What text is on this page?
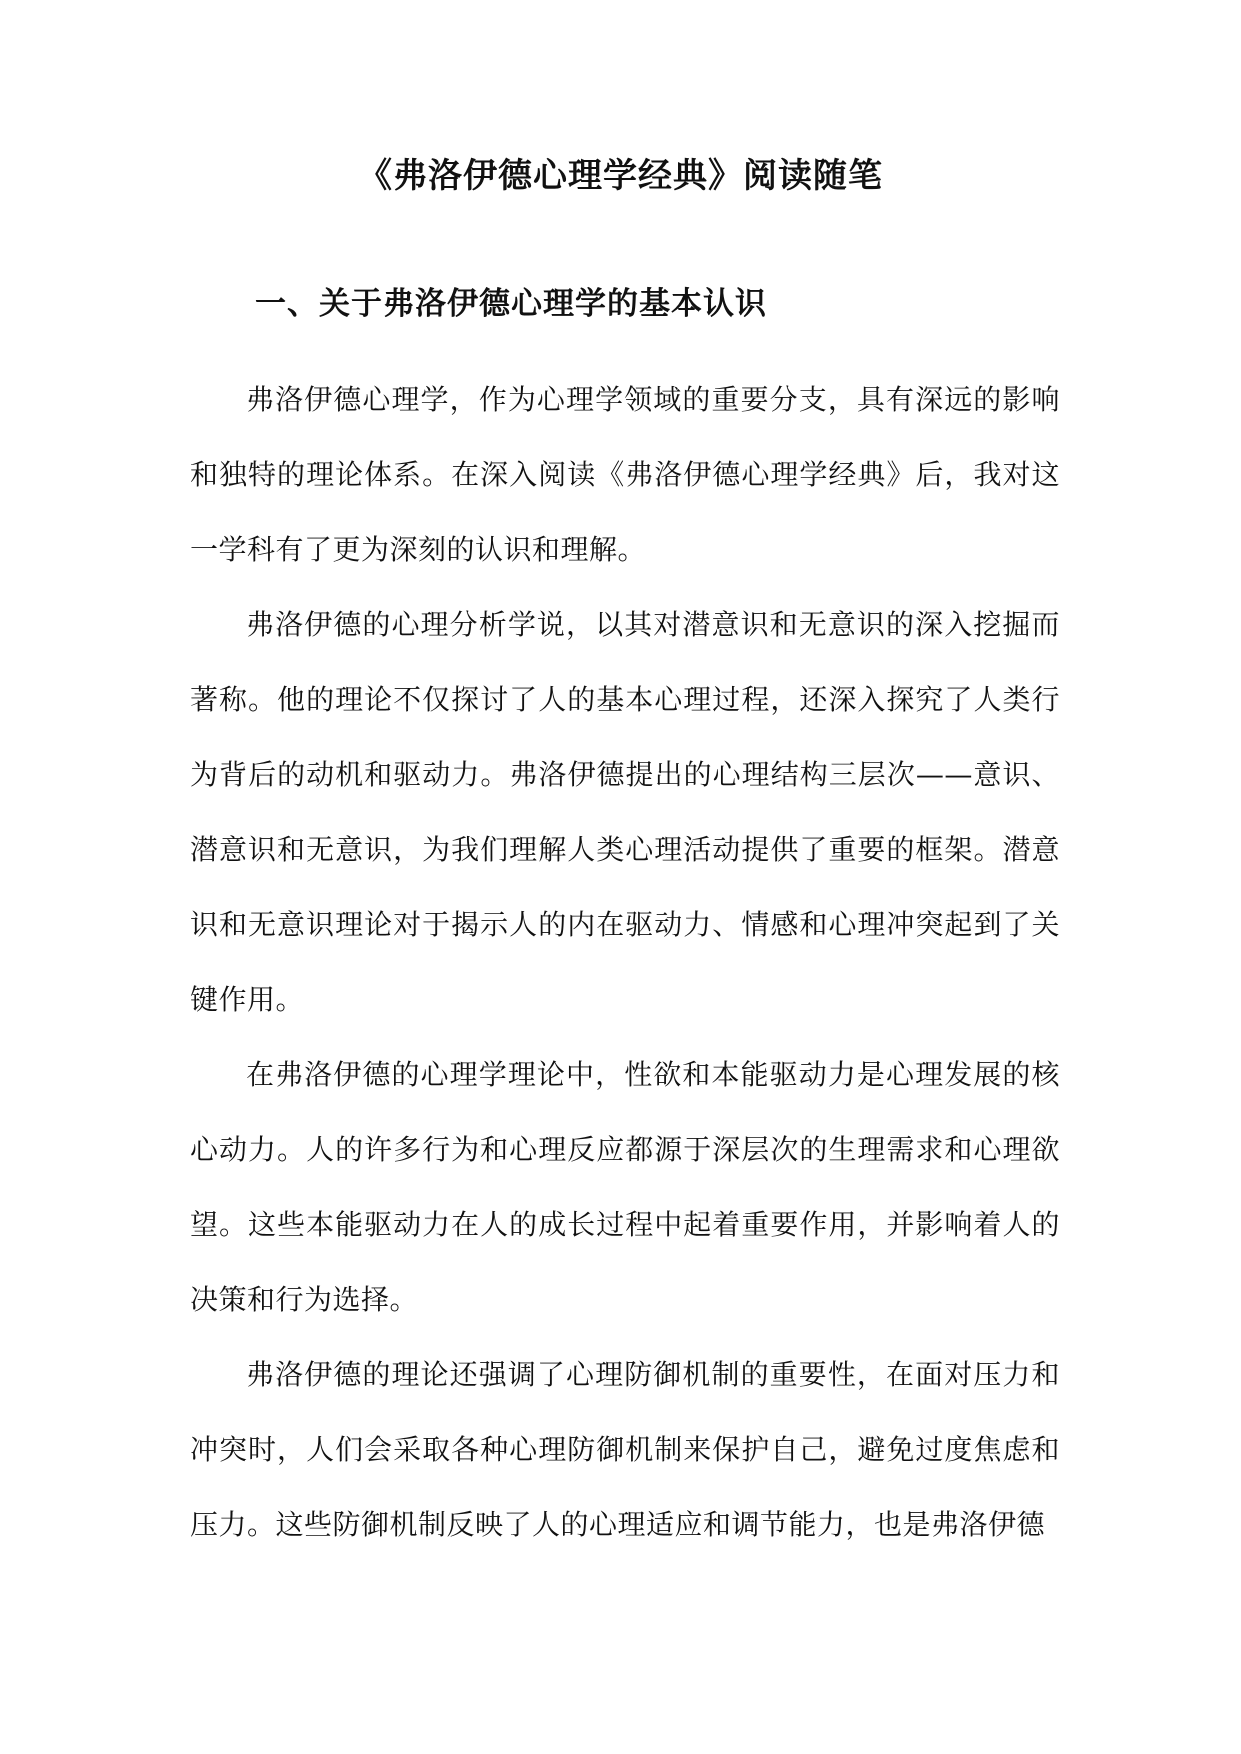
《弗洛伊德心理学经典》阅读随笔
一、关于弗洛伊德心理学的基本认识

弗洛伊德心理学，作为心理学领域的重要分支，具有深远的影响和独特的理论体系。在深入阅读《弗洛伊德心理学经典》后，我对这一学科有了更为深刻的认识和理解。

弗洛伊德的心理分析学说，以其对潜意识和无意识的深入挖掘而著称。他的理论不仅探讨了人的基本心理过程，还深入探究了人类行为背后的动机和驱动力。弗洛伊德提出的心理结构三层次——意识、潜意识和无意识，为我们理解人类心理活动提供了重要的框架。潜意识和无意识理论对于揭示人的内在驱动力、情感和心理冲突起到了关键作用。

在弗洛伊德的心理学理论中，性欲和本能驱动力是心理发展的核心动力。人的许多行为和心理反应都源于深层次的生理需求和心理欲望。这些本能驱动力在人的成长过程中起着重要作用，并影响着人的决策和行为选择。

弗洛伊德的理论还强调了心理防御机制的重要性，在面对压力和冲突时，人们会采取各种心理防御机制来保护自己，避免过度焦虑和压力。这些防御机制反映了人的心理适应和调节能力，也是弗洛伊德
